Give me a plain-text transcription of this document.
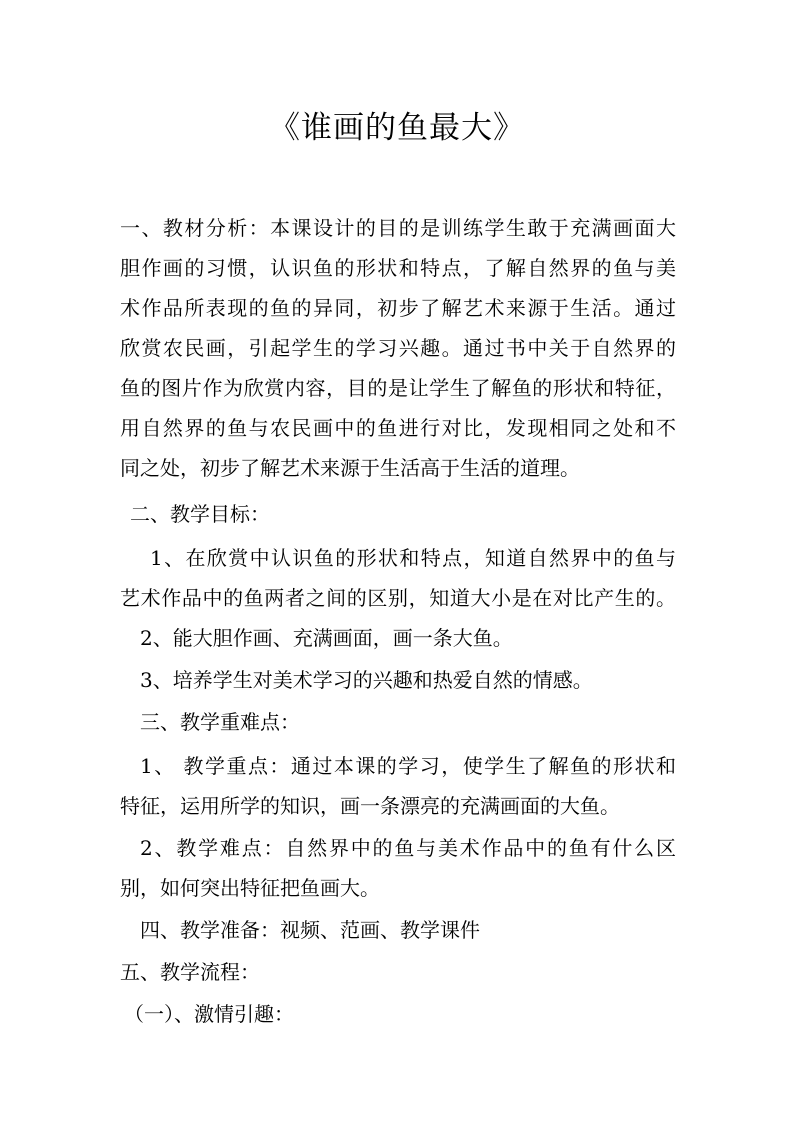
《谁画的鱼最大》
一、教材分析：本课设计的目的是训练学生敢于充满画面大
胆作画的习惯，认识鱼的形状和特点，了解自然界的鱼与美
术作品所表现的鱼的异同，初步了解艺术来源于生活。通过
欣赏农民画，引起学生的学习兴趣。通过书中关于自然界的
鱼的图片作为欣赏内容，目的是让学生了解鱼的形状和特征，
用自然界的鱼与农民画中的鱼进行对比，发现相同之处和不
同之处，初步了解艺术来源于生活高于生活的道理。
二、教学目标：
1、在欣赏中认识鱼的形状和特点，知道自然界中的鱼与
艺术作品中的鱼两者之间的区别，知道大小是在对比产生的。
2、能大胆作画、充满画面，画一条大鱼。
3、培养学生对美术学习的兴趣和热爱自然的情感。
三、教学重难点：
1、 教学重点：通过本课的学习，使学生了解鱼的形状和
特征，运用所学的知识，画一条漂亮的充满画面的大鱼。
2、教学难点：自然界中的鱼与美术作品中的鱼有什么区
别，如何突出特征把鱼画大。
四、教学准备：视频、范画、教学课件
五、教学流程：
（一）、激情引趣：
